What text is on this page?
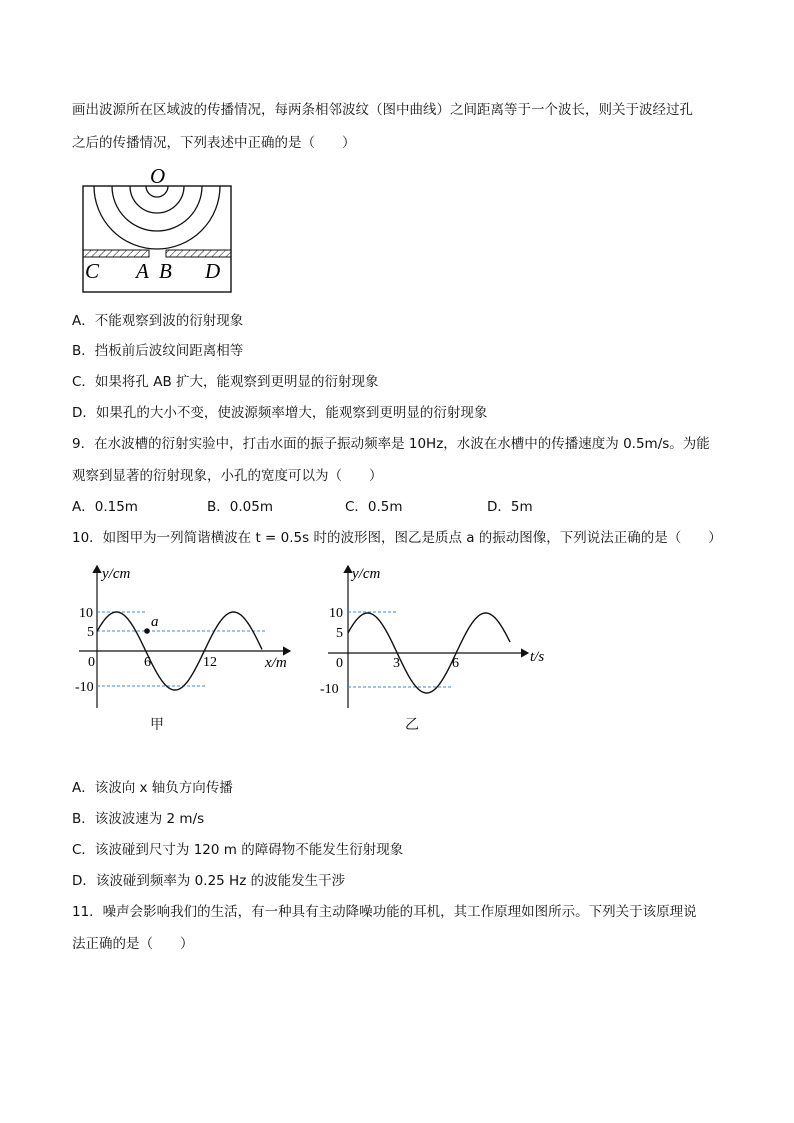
画出波源所在区域波的传播情况，每两条相邻波纹（图中曲线）之间距离等于一个波长，则关于波经过孔
之后的传播情况，下列表述中正确的是（　　）
O
C A B D
A．不能观察到波的衍射现象
B．挡板前后波纹间距离相等
C．如果将孔 AB 扩大，能观察到更明显的衍射现象
D．如果孔的大小不变，使波源频率增大，能观察到更明显的衍射现象
9．在水波槽的衍射实验中，打击水面的振子振动频率是 10Hz，水波在水槽中的传播速度为 0.5m/s。为能
观察到显著的衍射现象，小孔的宽度可以为（　　）
A．0.15m	B．0.05m	C．0.5m	D．5m
10．如图甲为一列简谐横波在 t = 0.5s 时的波形图，图乙是质点 a 的振动图像，下列说法正确的是（　　）
y/cm
x/m
a
10
5
0
-10
6	12
甲
y/cm
t/s
10
5
0
-10
3	6
乙
A．该波向 x 轴负方向传播
B．该波波速为 2 m/s
C．该波碰到尺寸为 120 m 的障碍物不能发生衍射现象
D．该波碰到频率为 0.25 Hz 的波能发生干涉
11．噪声会影响我们的生活，有一种具有主动降噪功能的耳机，其工作原理如图所示。下列关于该原理说
法正确的是（　　）
